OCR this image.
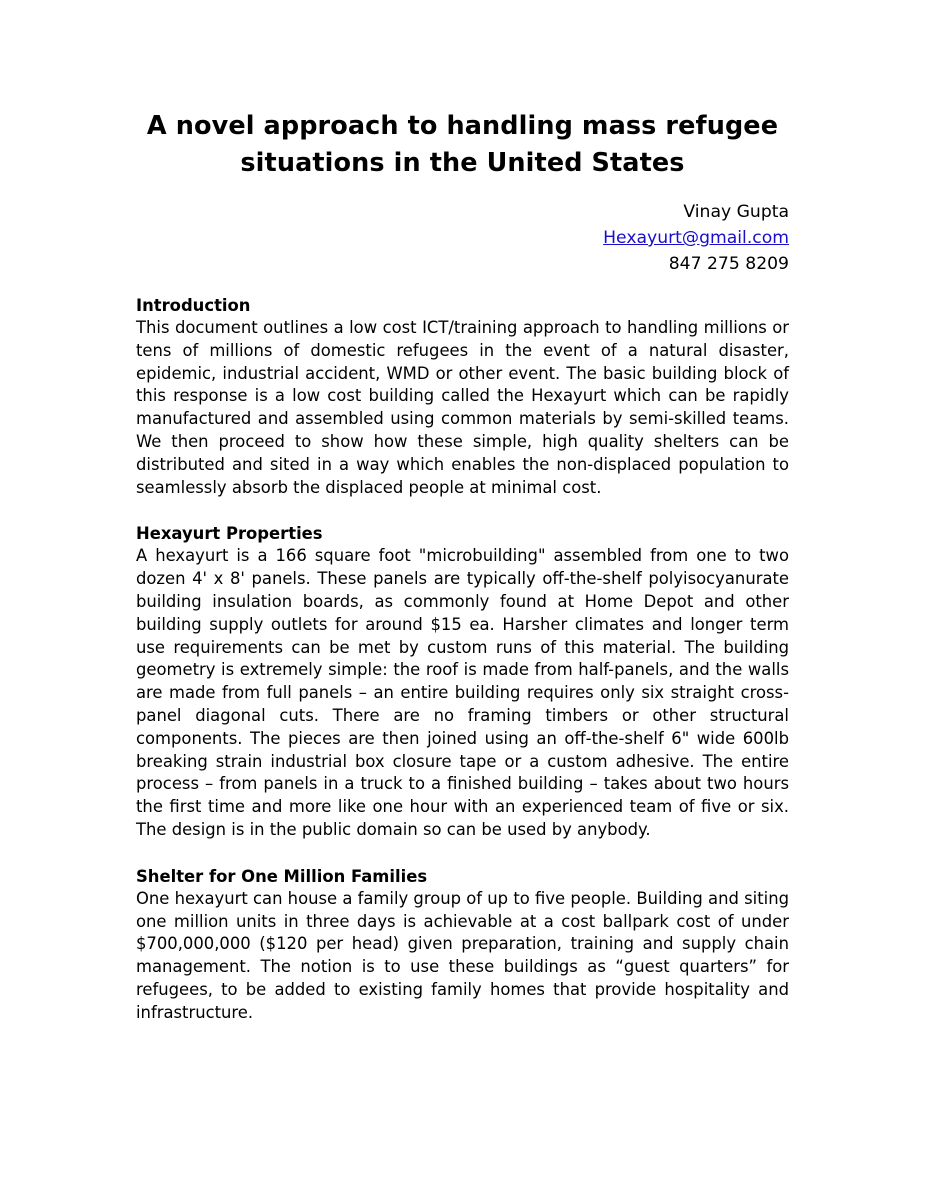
A novel approach to handling mass refugee situations in the United States
Vinay Gupta
Hexayurt@gmail.com
847 275 8209
Introduction

This document outlines a low cost ICT/training approach to handling millions or tens of millions of domestic refugees in the event of a natural disaster, epidemic, industrial accident, WMD or other event. The basic building block of this response is a low cost building called the Hexayurt which can be rapidly manufactured and assembled using common materials by semi-skilled teams. We then proceed to show how these simple, high quality shelters can be distributed and sited in a way which enables the non-displaced population to seamlessly absorb the displaced people at minimal cost.

Hexayurt Properties

A hexayurt is a 166 square foot "microbuilding" assembled from one to two dozen 4' x 8' panels. These panels are typically off-the-shelf polyisocyanurate building insulation boards, as commonly found at Home Depot and other building supply outlets for around $15 ea. Harsher climates and longer term use requirements can be met by custom runs of this material. The building geometry is extremely simple: the roof is made from half-panels, and the walls are made from full panels – an entire building requires only six straight cross-panel diagonal cuts. There are no framing timbers or other structural components. The pieces are then joined using an off-the-shelf 6" wide 600lb breaking strain industrial box closure tape or a custom adhesive. The entire process – from panels in a truck to a finished building – takes about two hours the first time and more like one hour with an experienced team of five or six. The design is in the public domain so can be used by anybody.

Shelter for One Million Families

One hexayurt can house a family group of up to five people. Building and siting one million units in three days is achievable at a cost ballpark cost of under $700,000,000 ($120 per head) given preparation, training and supply chain management. The notion is to use these buildings as “guest quarters” for refugees, to be added to existing family homes that provide hospitality and infrastructure.
